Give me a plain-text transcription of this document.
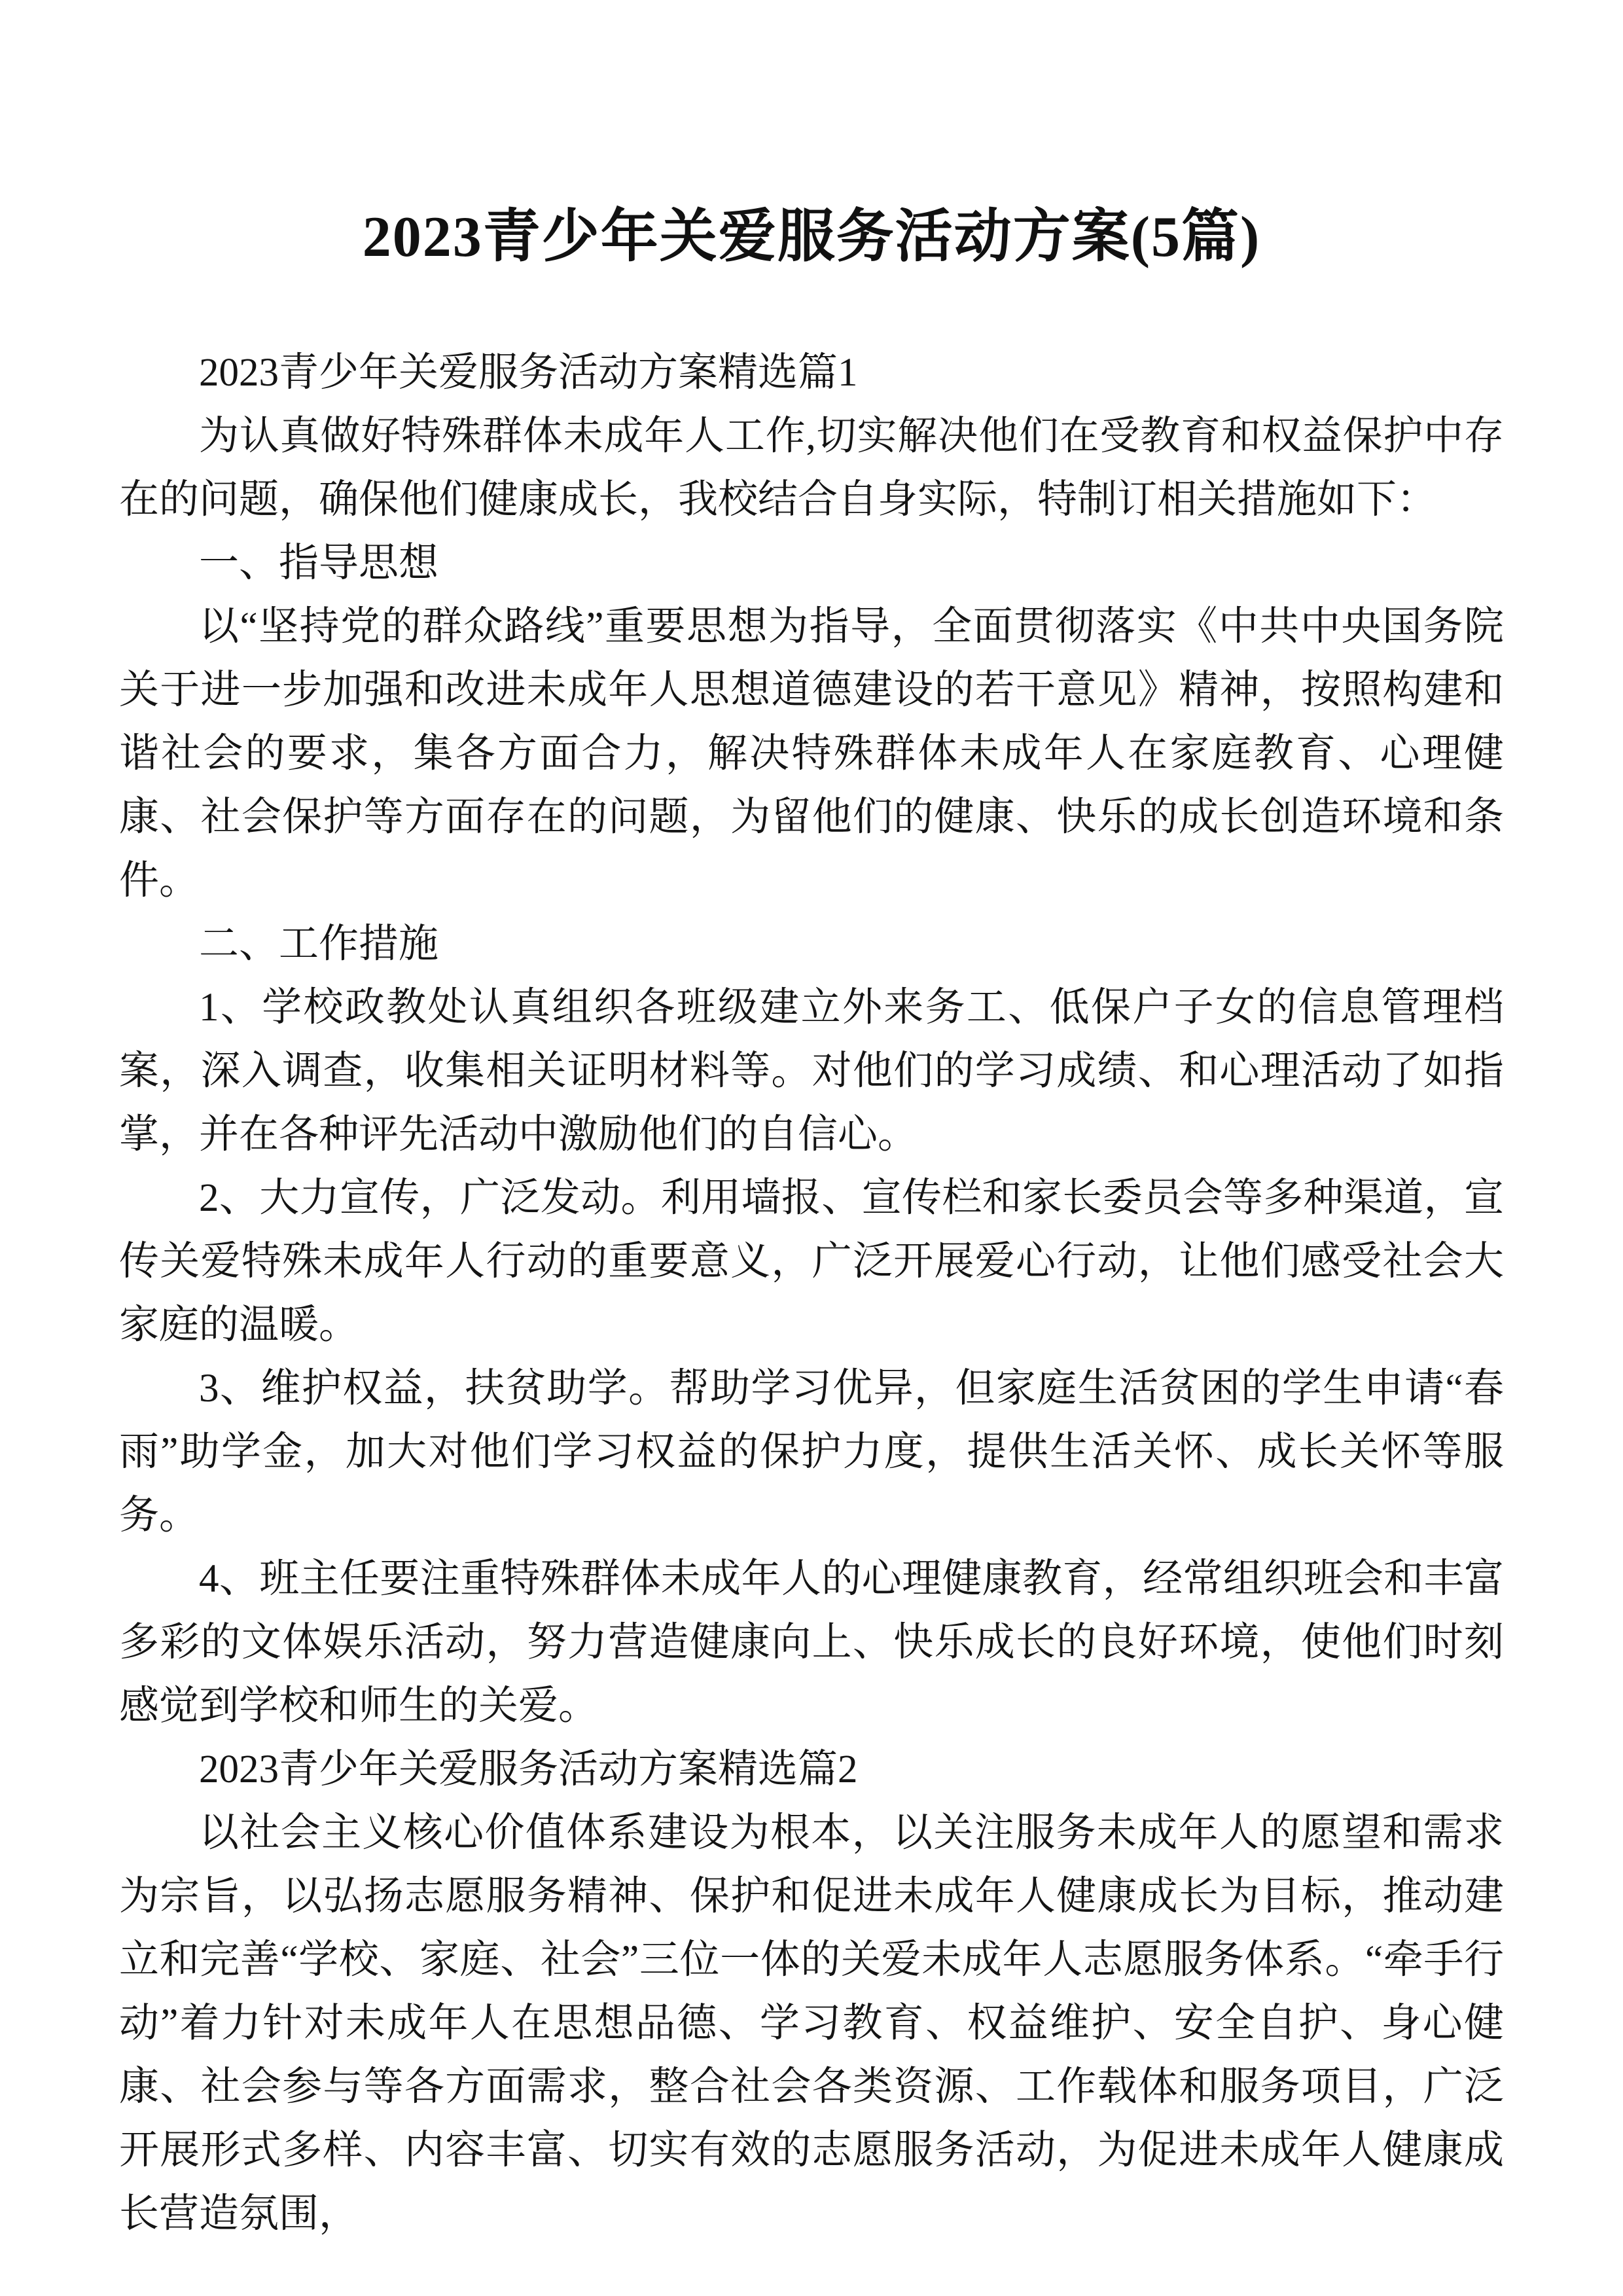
2023青少年关爱服务活动方案(5篇)

2023青少年关爱服务活动方案精选篇1

为认真做好特殊群体未成年人工作,切实解决他们在受教育和权益保护中存在的问题，确保他们健康成长，我校结合自身实际，特制订相关措施如下：

一、指导思想

以“坚持党的群众路线”重要思想为指导，全面贯彻落实《中共中央国务院关于进一步加强和改进未成年人思想道德建设的若干意见》精神，按照构建和谐社会的要求，集各方面合力，解决特殊群体未成年人在家庭教育、心理健康、社会保护等方面存在的问题，为留他们的健康、快乐的成长创造环境和条件。

二、工作措施

1、学校政教处认真组织各班级建立外来务工、低保户子女的信息管理档案，深入调查，收集相关证明材料等。对他们的学习成绩、和心理活动了如指掌，并在各种评先活动中激励他们的自信心。

2、大力宣传，广泛发动。利用墙报、宣传栏和家长委员会等多种渠道，宣传关爱特殊未成年人行动的重要意义，广泛开展爱心行动，让他们感受社会大家庭的温暖。

3、维护权益，扶贫助学。帮助学习优异，但家庭生活贫困的学生申请“春雨”助学金，加大对他们学习权益的保护力度，提供生活关怀、成长关怀等服务。

4、班主任要注重特殊群体未成年人的心理健康教育，经常组织班会和丰富多彩的文体娱乐活动，努力营造健康向上、快乐成长的良好环境，使他们时刻感觉到学校和师生的关爱。

2023青少年关爱服务活动方案精选篇2

以社会主义核心价值体系建设为根本，以关注服务未成年人的愿望和需求为宗旨，以弘扬志愿服务精神、保护和促进未成年人健康成长为目标，推动建立和完善“学校、家庭、社会”三位一体的关爱未成年人志愿服务体系。“牵手行动”着力针对未成年人在思想品德、学习教育、权益维护、安全自护、身心健康、社会参与等各方面需求，整合社会各类资源、工作载体和服务项目，广泛开展形式多样、内容丰富、切实有效的志愿服务活动，为促进未成年人健康成长营造氛围，
